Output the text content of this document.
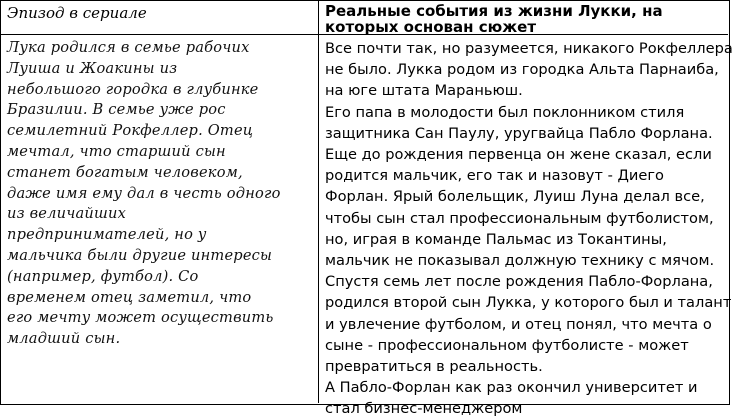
Эпизод в сериале	Реальные события из жизни Лукки, на которых основан сюжет
Лука родился в семье рабочих
Луиша и Жоакины из
небольшого городка в глубинке
Бразилии. В семье уже рос
семилетний Рокфеллер. Отец
мечтал, что старший сын
станет богатым человеком,
даже имя ему дал в честь одного
из величайших
предпринимателей, но у
мальчика были другие интересы
(например, футбол). Со
временем отец заметил, что
его мечту может осуществить
младший сын.
Все почти так, но разумеется, никакого Рокфеллера
не было. Лукка родом из городка Альта Парнаиба,
на юге штата Мараньюш.
Его папа в молодости был поклонником стиля
защитника Сан Паулу, уругвайца Пабло Форлана.
Еще до рождения первенца он жене сказал, если
родится мальчик, его так и назовут - Диего
Форлан. Ярый болельщик, Луиш Луна делал все,
чтобы сын стал профессиональным футболистом,
но, играя в команде Пальмас из Токантины,
мальчик не показывал должную технику с мячом.
Спустя семь лет после рождения Пабло-Форлана,
родился второй сын Лукка, у которого был и талант
и увлечение футболом, и отец понял, что мечта о
сыне - профессиональном футболисте - может
превратиться в реальность.
А Пабло-Форлан как раз окончил университет и
стал бизнес-менеджером
